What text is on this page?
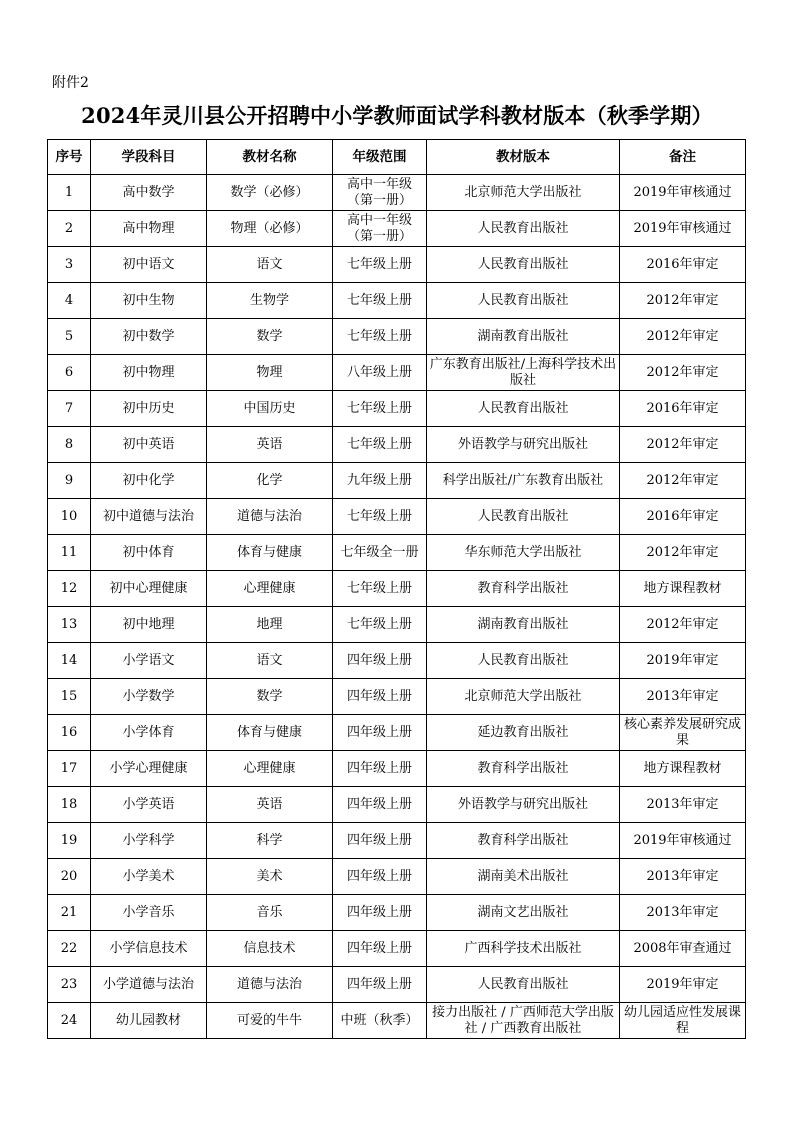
附件2
2024年灵川县公开招聘中小学教师面试学科教材版本（秋季学期）
序号	学段科目	教材名称	年级范围	教材版本	备注
1	高中数学	数学（必修）	高中一年级（第一册）	北京师范大学出版社	2019年审核通过
2	高中物理	物理（必修）	高中一年级（第一册）	人民教育出版社	2019年审核通过
3	初中语文	语文	七年级上册	人民教育出版社	2016年审定
4	初中生物	生物学	七年级上册	人民教育出版社	2012年审定
5	初中数学	数学	七年级上册	湖南教育出版社	2012年审定
6	初中物理	物理	八年级上册	广东教育出版社/上海科学技术出版社	2012年审定
7	初中历史	中国历史	七年级上册	人民教育出版社	2016年审定
8	初中英语	英语	七年级上册	外语教学与研究出版社	2012年审定
9	初中化学	化学	九年级上册	科学出版社/广东教育出版社	2012年审定
10	初中道德与法治	道德与法治	七年级上册	人民教育出版社	2016年审定
11	初中体育	体育与健康	七年级全一册	华东师范大学出版社	2012年审定
12	初中心理健康	心理健康	七年级上册	教育科学出版社	地方课程教材
13	初中地理	地理	七年级上册	湖南教育出版社	2012年审定
14	小学语文	语文	四年级上册	人民教育出版社	2019年审定
15	小学数学	数学	四年级上册	北京师范大学出版社	2013年审定
16	小学体育	体育与健康	四年级上册	延边教育出版社	核心素养发展研究成果
17	小学心理健康	心理健康	四年级上册	教育科学出版社	地方课程教材
18	小学英语	英语	四年级上册	外语教学与研究出版社	2013年审定
19	小学科学	科学	四年级上册	教育科学出版社	2019年审核通过
20	小学美术	美术	四年级上册	湖南美术出版社	2013年审定
21	小学音乐	音乐	四年级上册	湖南文艺出版社	2013年审定
22	小学信息技术	信息技术	四年级上册	广西科学技术出版社	2008年审查通过
23	小学道德与法治	道德与法治	四年级上册	人民教育出版社	2019年审定
24	幼儿园教材	可爱的牛牛	中班（秋季）	接力出版社 / 广西师范大学出版社 / 广西教育出版社	幼儿园适应性发展课程
